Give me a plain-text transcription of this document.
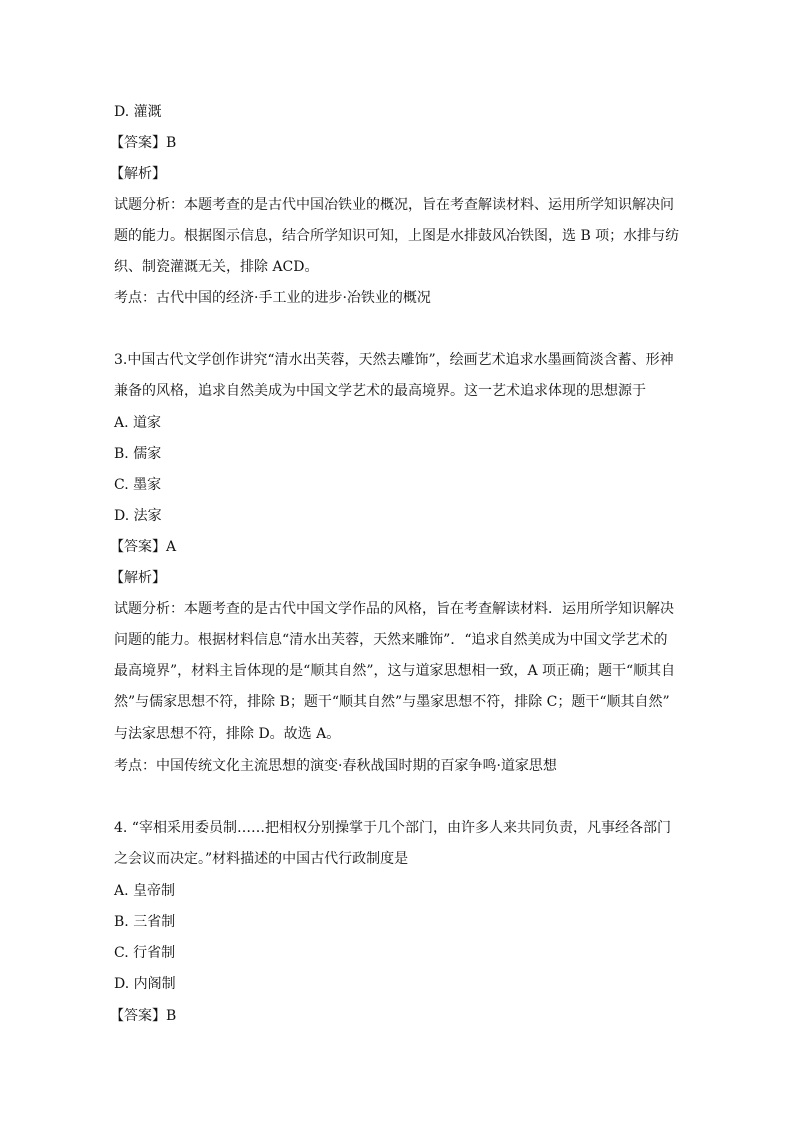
D. 灌溉
【答案】B
【解析】
试题分析：本题考查的是古代中国冶铁业的概况，旨在考查解读材料、运用所学知识解决问
题的能力。根据图示信息，结合所学知识可知，上图是水排鼓风冶铁图，选 B 项；水排与纺
织、制瓷灌溉无关，排除 ACD。
考点：古代中国的经济·手工业的进步·冶铁业的概况
3.中国古代文学创作讲究“清水出芙蓉，天然去雕饰”，绘画艺术追求水墨画简淡含蓄、形神
兼备的风格，追求自然美成为中国文学艺术的最高境界。这一艺术追求体现的思想源于
A. 道家
B. 儒家
C. 墨家
D. 法家
【答案】A
【解析】
试题分析：本题考查的是古代中国文学作品的风格，旨在考查解读材料．运用所学知识解决
问题的能力。根据材料信息“清水出芙蓉，天然来雕饰”．“追求自然美成为中国文学艺术的
最高境界”，材料主旨体现的是“顺其自然”，这与道家思想相一致，A 项正确；题干“顺其自
然”与儒家思想不符，排除 B；题干“顺其自然”与墨家思想不符，排除 C；题干“顺其自然”
与法家思想不符，排除 D。故选 A。
考点：中国传统文化主流思想的演变·春秋战国时期的百家争鸣·道家思想
4. “宰相采用委员制……把相权分别操掌于几个部门，由许多人来共同负责，凡事经各部门
之会议而决定。”材料描述的中国古代行政制度是
A. 皇帝制
B. 三省制
C. 行省制
D. 内阁制
【答案】B
